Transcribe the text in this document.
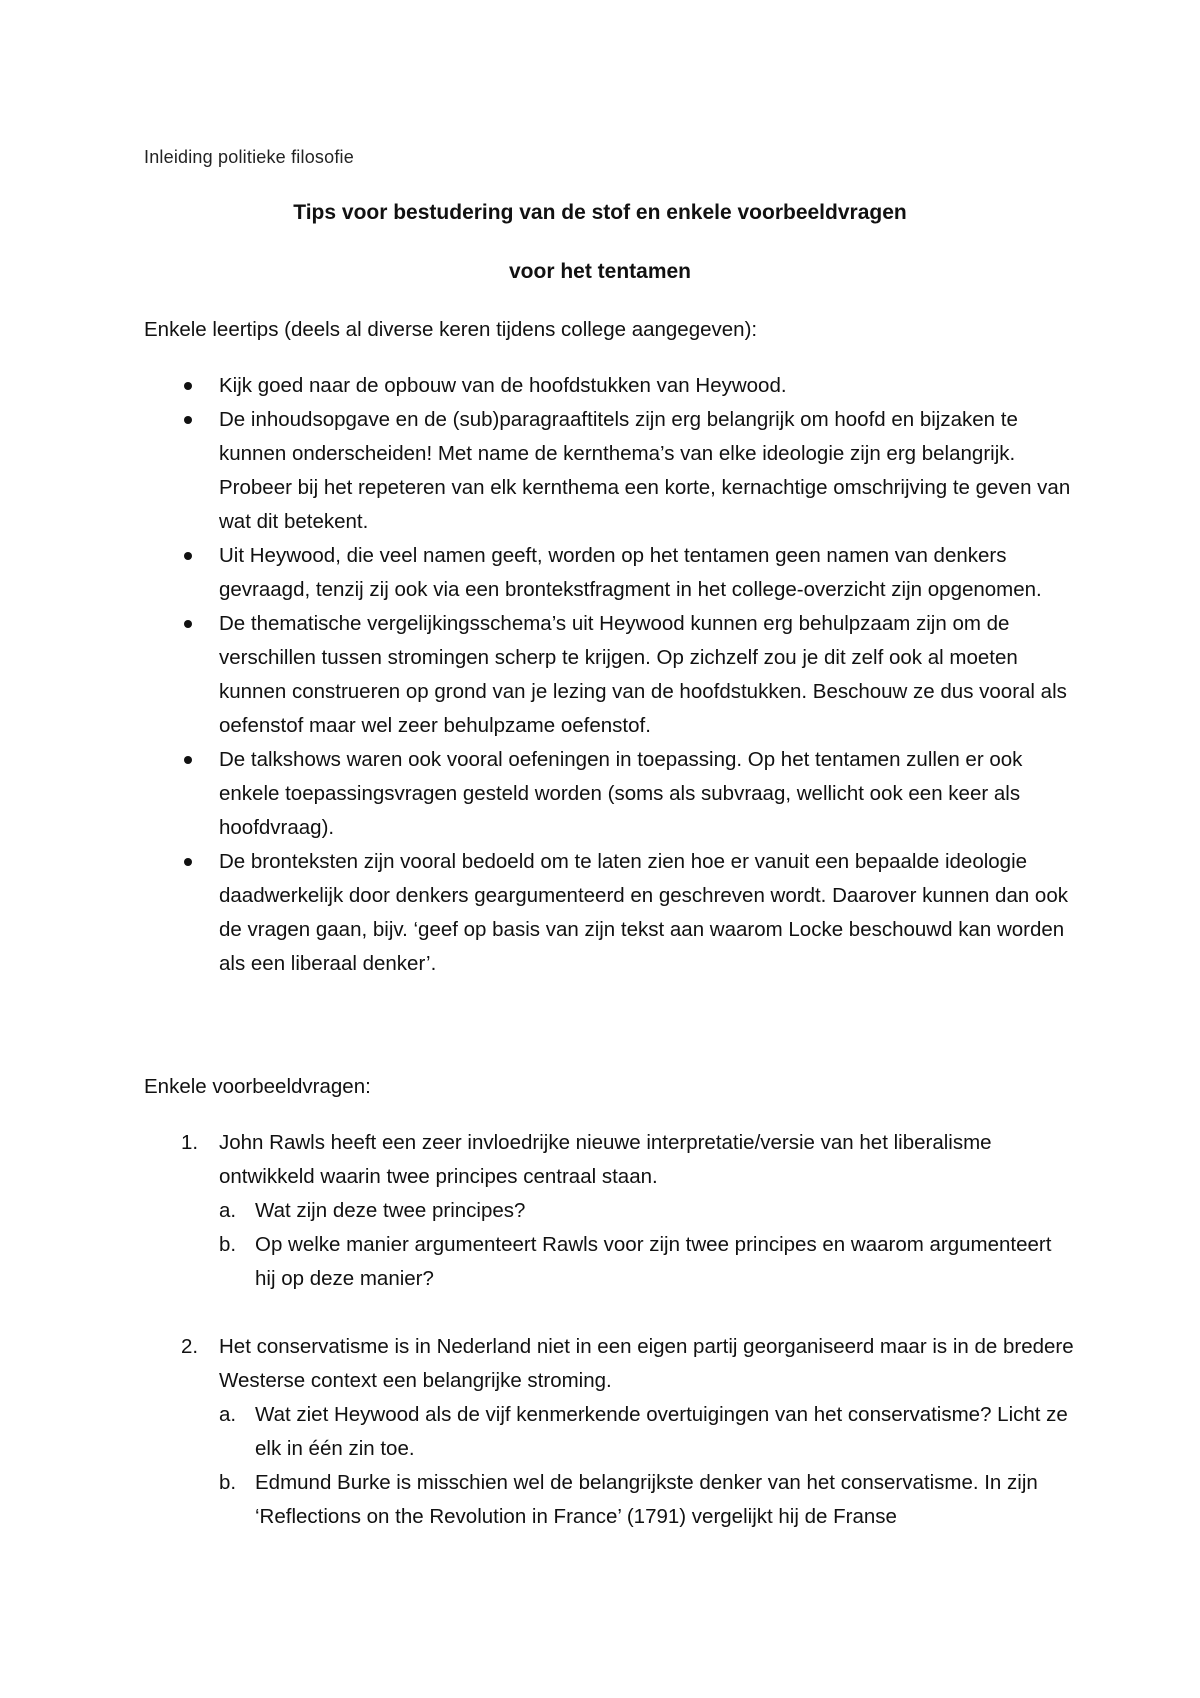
Inleiding politieke filosofie
Tips voor bestudering van de stof en enkele voorbeeldvragen
voor het tentamen
Enkele leertips (deels al diverse keren tijdens college aangegeven):
Kijk goed naar de opbouw van de hoofdstukken van Heywood.
De inhoudsopgave en de (sub)paragraaftitels zijn erg belangrijk om hoofd en bijzaken te kunnen onderscheiden! Met name de kernthema’s van elke ideologie zijn erg belangrijk. Probeer bij het repeteren van elk kernthema een korte, kernachtige omschrijving te geven van wat dit betekent.
Uit Heywood, die veel namen geeft, worden op het tentamen geen namen van denkers gevraagd, tenzij zij ook via een brontekstfragment in het college-overzicht zijn opgenomen.
De thematische vergelijkingsschema’s uit Heywood kunnen erg behulpzaam zijn om de verschillen tussen stromingen scherp te krijgen. Op zichzelf zou je dit zelf ook al moeten kunnen construeren op grond van je lezing van de hoofdstukken. Beschouw ze dus vooral als oefenstof maar wel zeer behulpzame oefenstof.
De talkshows waren ook vooral oefeningen in toepassing. Op het tentamen zullen er ook enkele toepassingsvragen gesteld worden (soms als subvraag, wellicht ook een keer als hoofdvraag).
De bronteksten zijn vooral bedoeld om te laten zien hoe er vanuit een bepaalde ideologie daadwerkelijk door denkers geargumenteerd en geschreven wordt. Daarover kunnen dan ook de vragen gaan, bijv. ‘geef op basis van zijn tekst aan waarom Locke beschouwd kan worden als een liberaal denker’.
Enkele voorbeeldvragen:
1.	John Rawls heeft een zeer invloedrijke nieuwe interpretatie/versie van het liberalisme ontwikkeld waarin twee principes centraal staan.
a. Wat zijn deze twee principes?
b. Op welke manier argumenteert Rawls voor zijn twee principes en waarom argumenteert hij op deze manier?
2.	Het conservatisme is in Nederland niet in een eigen partij georganiseerd maar is in de bredere Westerse context een belangrijke stroming.
a. Wat ziet Heywood als de vijf kenmerkende overtuigingen van het conservatisme? Licht ze elk in één zin toe.
b. Edmund Burke is misschien wel de belangrijkste denker van het conservatisme. In zijn ‘Reflections on the Revolution in France’ (1791) vergelijkt hij de Franse
